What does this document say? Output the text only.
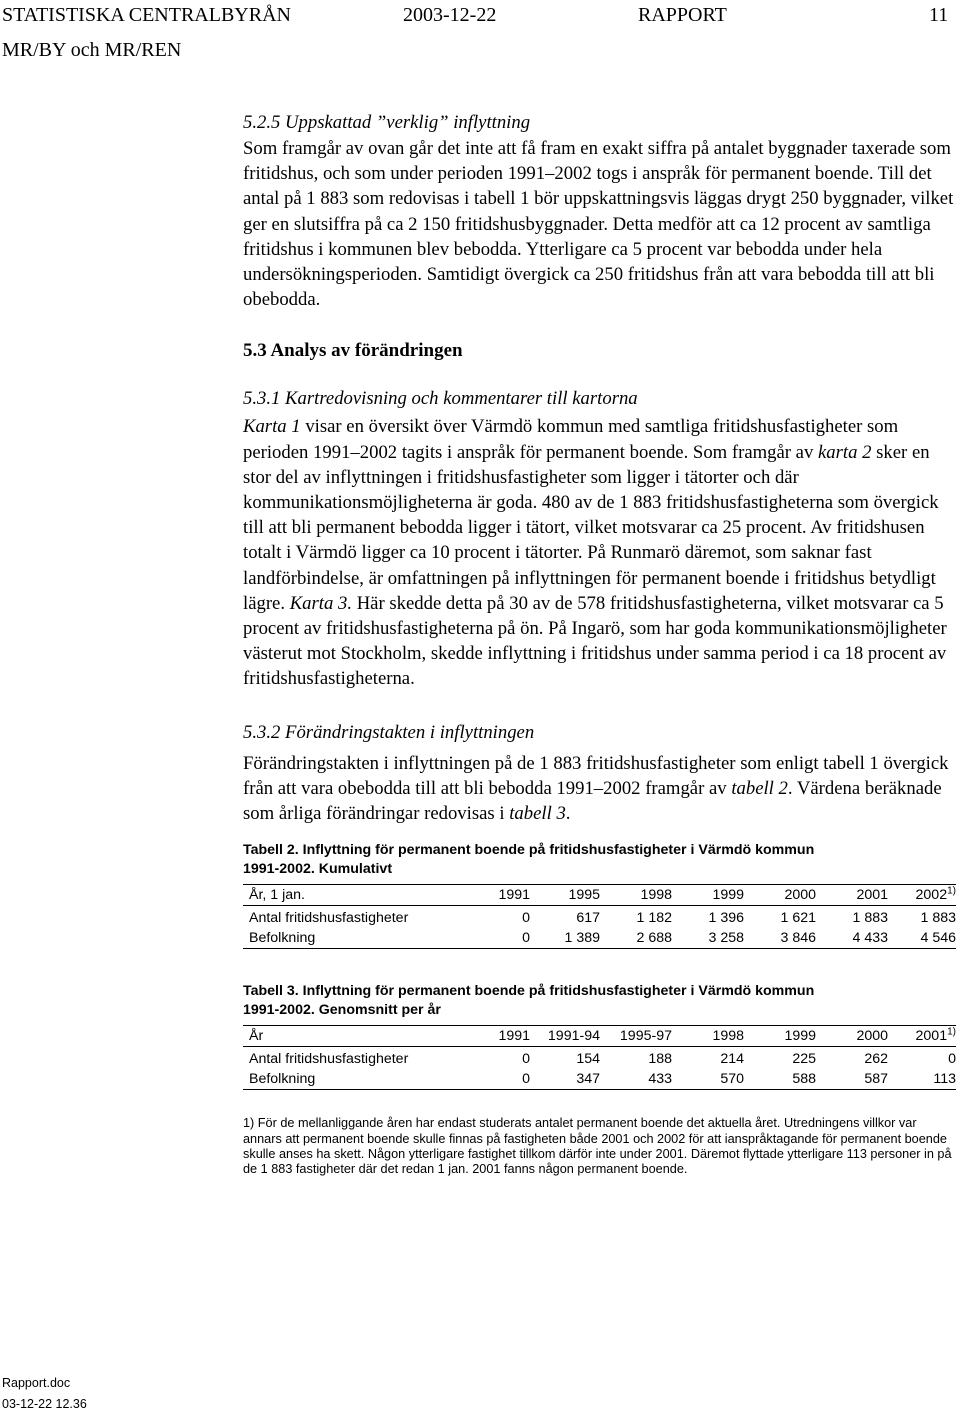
STATISTISKA CENTRALBYRÅN	2003-12-22	RAPPORT	11
MR/BY och MR/REN

5.2.5 Uppskattad ”verklig” inflyttning

Som framgår av ovan går det inte att få fram en exakt siffra på antalet byggnader taxerade som fritidshus, och som under perioden 1991–2002 togs i anspråk för permanent boende. Till det antal på 1 883 som redovisas i tabell 1 bör uppskattningsvis läggas drygt 250 byggnader, vilket ger en slutsiffra på ca 2 150 fritidshusbyggnader. Detta medför att ca 12 procent av samtliga fritidshus i kommunen blev bebodda. Ytterligare ca 5 procent var bebodda under hela undersökningsperioden. Samtidigt övergick ca 250 fritidshus från att vara bebodda till att bli obebodda.

5.3 Analys av förändringen

5.3.1 Kartredovisning och kommentarer till kartorna

Karta 1 visar en översikt över Värmdö kommun med samtliga fritidshusfastigheter som perioden 1991–2002 tagits i anspråk för permanent boende. Som framgår av karta 2 sker en stor del av inflyttningen i fritidshusfastigheter som ligger i tätorter och där kommunikationsmöjligheterna är goda. 480 av de 1 883 fritidshusfastigheterna som övergick till att bli permanent bebodda ligger i tätort, vilket motsvarar ca 25 procent. Av fritidshusen totalt i Värmdö ligger ca 10 procent i tätorter. På Runmarö däremot, som saknar fast landförbindelse, är omfattningen på inflyttningen för permanent boende i fritidshus betydligt lägre. Karta 3. Här skedde detta på 30 av de 578 fritidshusfastigheterna, vilket motsvarar ca 5 procent av fritidshusfastigheterna på ön. På Ingarö, som har goda kommunikationsmöjligheter västerut mot Stockholm, skedde inflyttning i fritidshus under samma period i ca 18 procent av fritidshusfastigheterna.

5.3.2 Förändringstakten i inflyttningen

Förändringstakten i inflyttningen på de 1 883 fritidshusfastigheter som enligt tabell 1 övergick från att vara obebodda till att bli bebodda 1991–2002 framgår av tabell 2. Värdena beräknade som årliga förändringar redovisas i tabell 3.

Tabell 2. Inflyttning för permanent boende på fritidshusfastigheter i Värmdö kommun

1991-2002. Kumulativt

År, 1 jan.	1991	1995	1998	1999	2000	2001	2002$^{1)}$
Antal fritidshusfastigheter	0	617	1 182	1 396	1 621	1 883	1 883
Befolkning	0	1 389	2 688	3 258	3 846	4 433	4 546

Tabell 3. Inflyttning för permanent boende på fritidshusfastigheter i Värmdö kommun

1991-2002. Genomsnitt per år

År	1991	1991-94	1995-97	1998	1999	2000	2001$^{1)}$
Antal fritidshusfastigheter	0	154	188	214	225	262	0
Befolkning	0	347	433	570	588	587	113

1) För de mellanliggande åren har endast studerats antalet permanent boende det aktuella året. Utredningens villkor var annars att permanent boende skulle finnas på fastigheten både 2001 och 2002 för att ianspråktagande för permanent boende skulle anses ha skett. Någon ytterligare fastighet tillkom därför inte under 2001. Däremot flyttade ytterligare 113 personer in på de 1 883 fastigheter där det redan 1 jan. 2001 fanns någon permanent boende.

Rapport.doc
03-12-22 12.36
